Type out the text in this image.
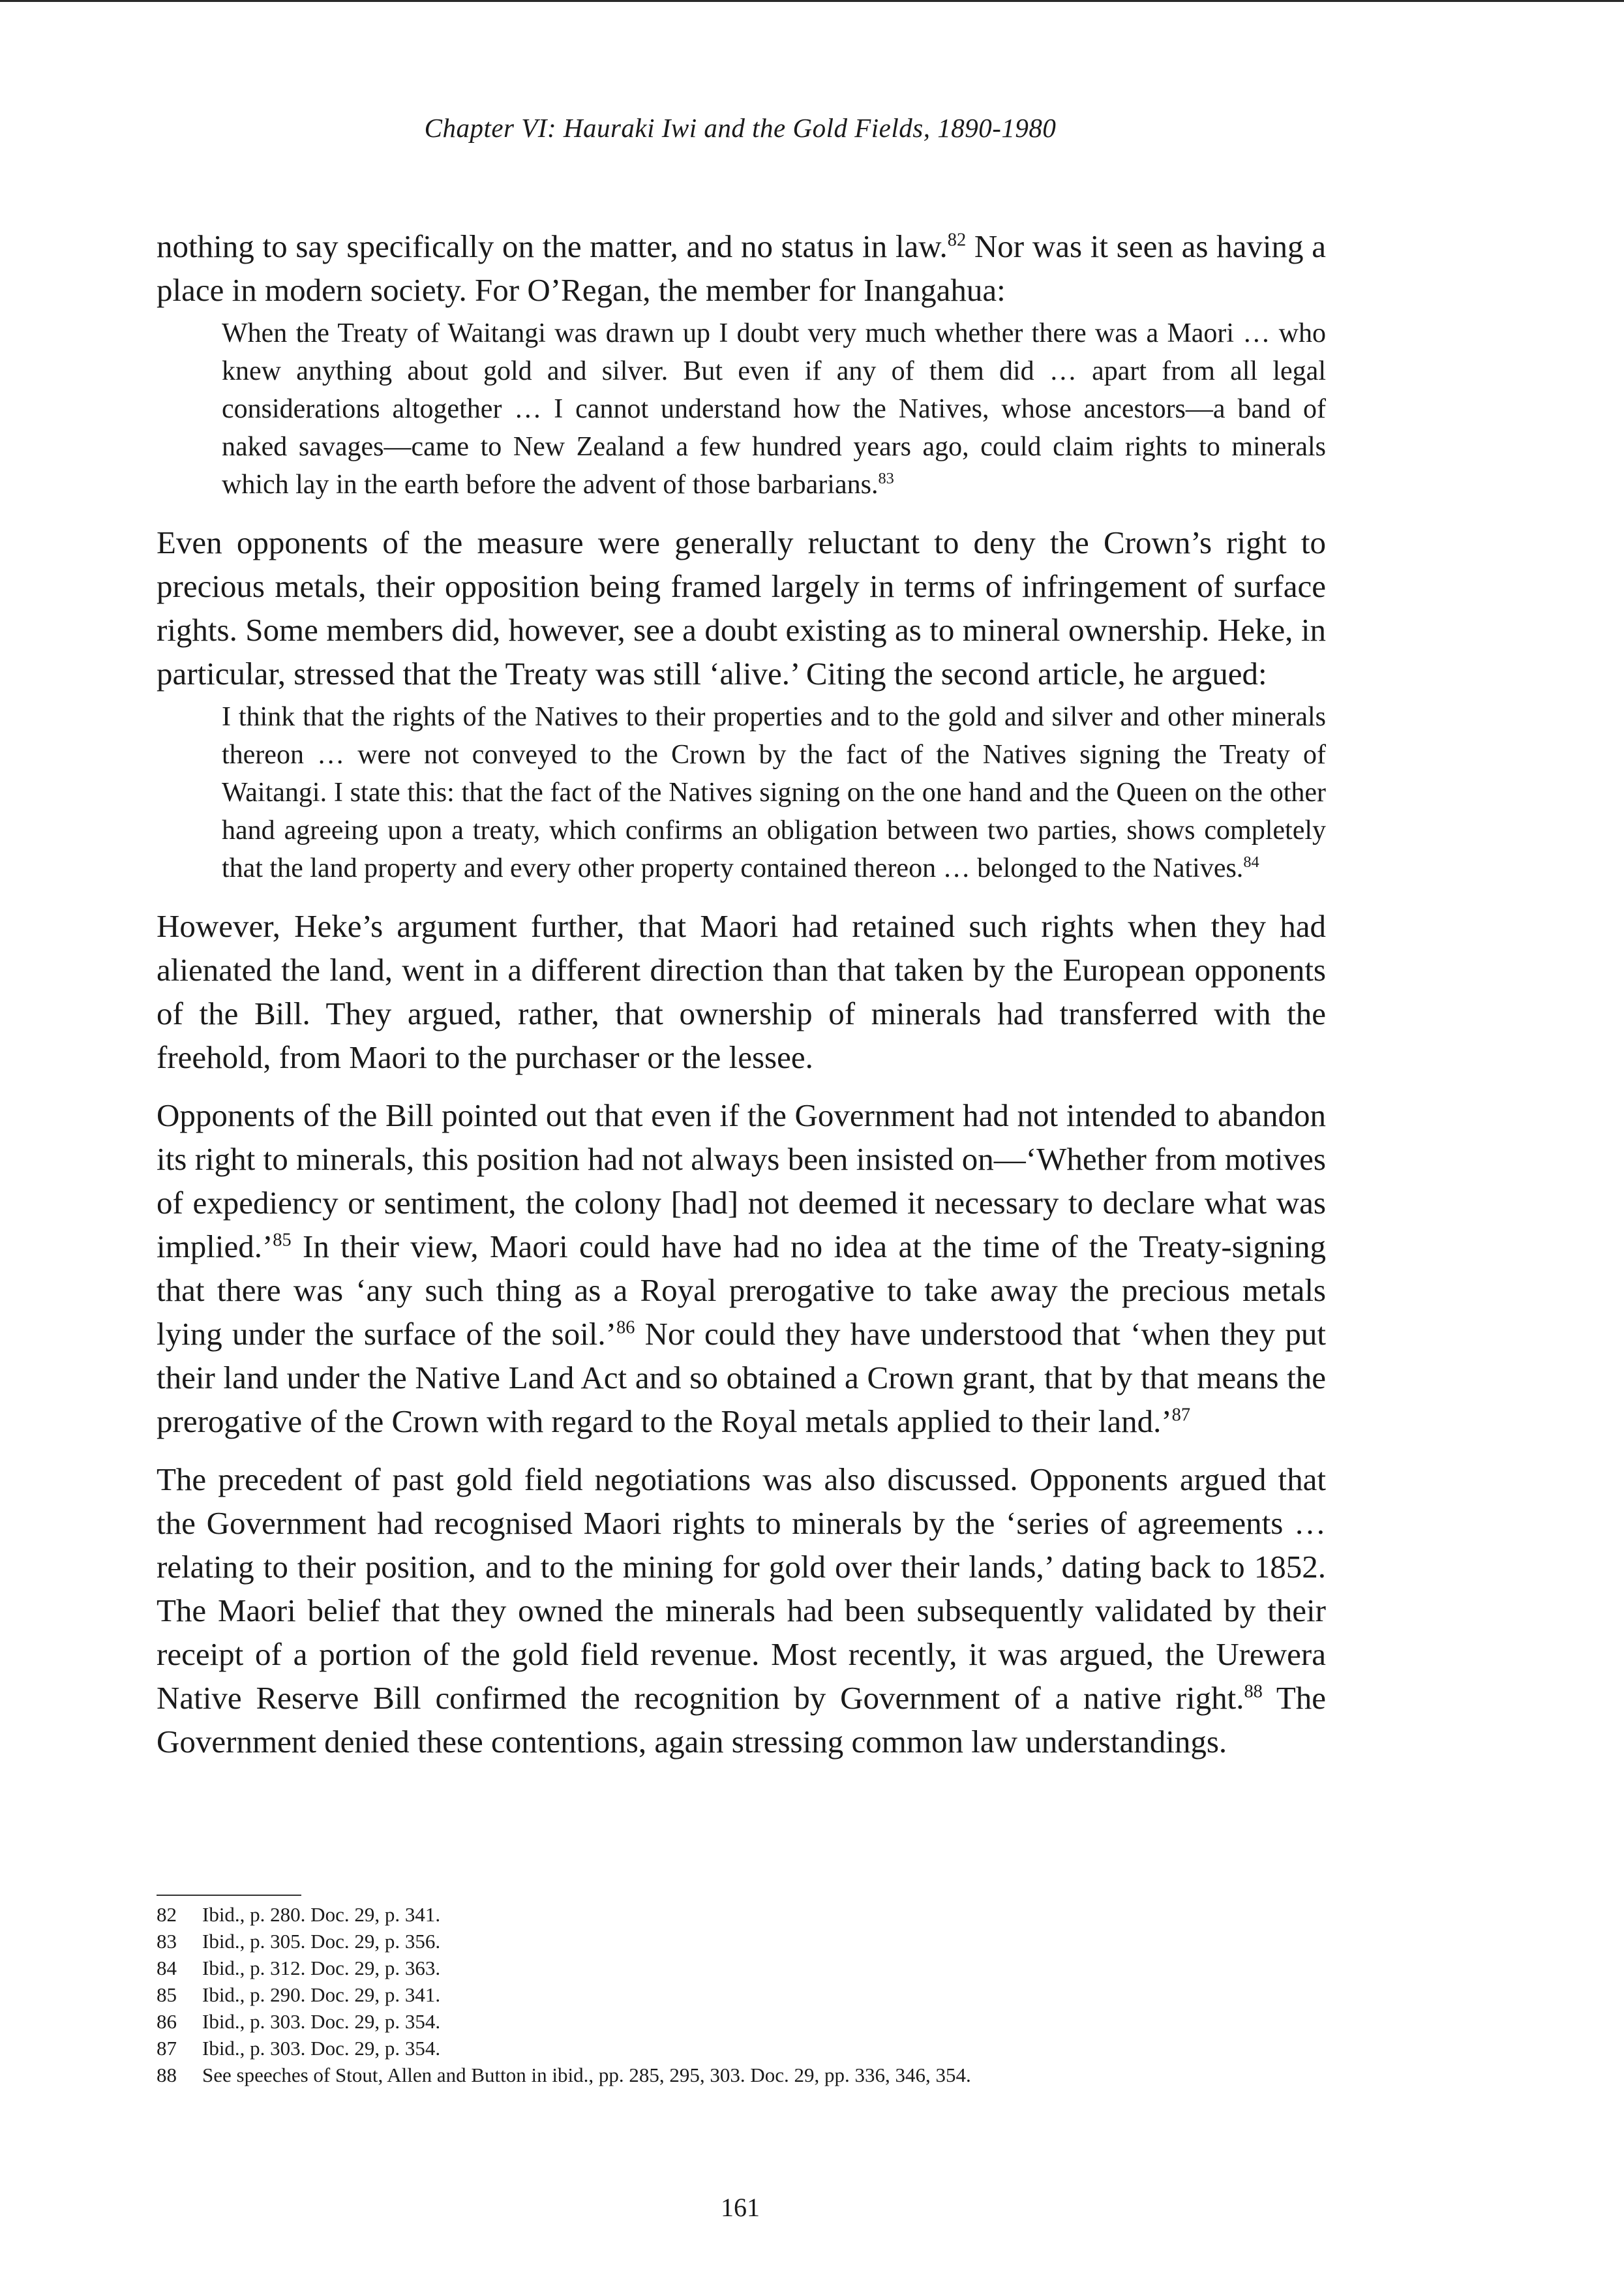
Chapter VI: Hauraki Iwi and the Gold Fields, 1890-1980

nothing to say specifically on the matter, and no status in law.$^{82}$ Nor was it seen as having a place in modern society. For O’Regan, the member for Inangahua:

When the Treaty of Waitangi was drawn up I doubt very much whether there was a Maori … who knew anything about gold and silver. But even if any of them did … apart from all legal considerations altogether … I cannot understand how the Natives, whose ancestors—a band of naked savages—came to New Zealand a few hundred years ago, could claim rights to minerals which lay in the earth before the advent of those barbarians.$^{83}$

Even opponents of the measure were generally reluctant to deny the Crown’s right to precious metals, their opposition being framed largely in terms of infringement of surface rights. Some members did, however, see a doubt existing as to mineral ownership. Heke, in particular, stressed that the Treaty was still ‘alive.’ Citing the second article, he argued:

I think that the rights of the Natives to their properties and to the gold and silver and other minerals thereon … were not conveyed to the Crown by the fact of the Natives signing the Treaty of Waitangi. I state this: that the fact of the Natives signing on the one hand and the Queen on the other hand agreeing upon a treaty, which confirms an obligation between two parties, shows completely that the land property and every other property contained thereon … belonged to the Natives.$^{84}$

However, Heke’s argument further, that Maori had retained such rights when they had alienated the land, went in a different direction than that taken by the European opponents of the Bill. They argued, rather, that ownership of minerals had transferred with the freehold, from Maori to the purchaser or the lessee.

Opponents of the Bill pointed out that even if the Government had not intended to abandon its right to minerals, this position had not always been insisted on—‘Whether from motives of expediency or sentiment, the colony [had] not deemed it necessary to declare what was implied.’$^{85}$ In their view, Maori could have had no idea at the time of the Treaty-signing that there was ‘any such thing as a Royal prerogative to take away the precious metals lying under the surface of the soil.’$^{86}$ Nor could they have understood that ‘when they put their land under the Native Land Act and so obtained a Crown grant, that by that means the prerogative of the Crown with regard to the Royal metals applied to their land.’$^{87}$

The precedent of past gold field negotiations was also discussed. Opponents argued that the Government had recognised Maori rights to minerals by the ‘series of agreements … relating to their position, and to the mining for gold over their lands,’ dating back to 1852. The Maori belief that they owned the minerals had been subsequently validated by their receipt of a portion of the gold field revenue. Most recently, it was argued, the Urewera Native Reserve Bill confirmed the recognition by Government of a native right.$^{88}$ The Government denied these contentions, again stressing common law understandings.

82	Ibid., p. 280. Doc. 29, p. 341.
83	Ibid., p. 305. Doc. 29, p. 356.
84	Ibid., p. 312. Doc. 29, p. 363.
85	Ibid., p. 290. Doc. 29, p. 341.
86	Ibid., p. 303. Doc. 29, p. 354.
87	Ibid., p. 303. Doc. 29, p. 354.
88	See speeches of Stout, Allen and Button in ibid., pp. 285, 295, 303. Doc. 29, pp. 336, 346, 354.
161
